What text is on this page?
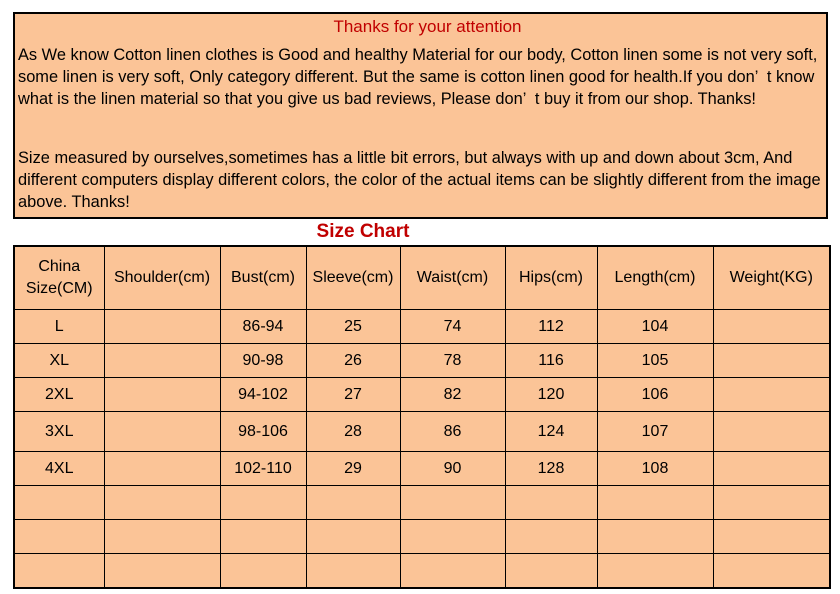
Thanks for your attention
As We know Cotton linen clothes is Good and healthy Material for our body, Cotton linen some is not very soft, some linen is very soft, Only category different. But the same is cotton linen good for health.If you don’  t know what is the linen material so that you give us bad reviews, Please don’  t buy it from our shop. Thanks!
Size measured by ourselves,sometimes has a little bit errors, but always with up and down about 3cm, And different computers display different colors, the color of the actual items can be slightly different from the image above. Thanks!
Size Chart
China Size(CM)	Shoulder(cm)	Bust(cm)	Sleeve(cm)	Waist(cm)	Hips(cm)	Length(cm)	Weight(KG)
L		86-94	25	74	112	104	
XL		90-98	26	78	116	105	
2XL		94-102	27	82	120	106	
3XL		98-106	28	86	124	107	
4XL		102-110	29	90	128	108	
